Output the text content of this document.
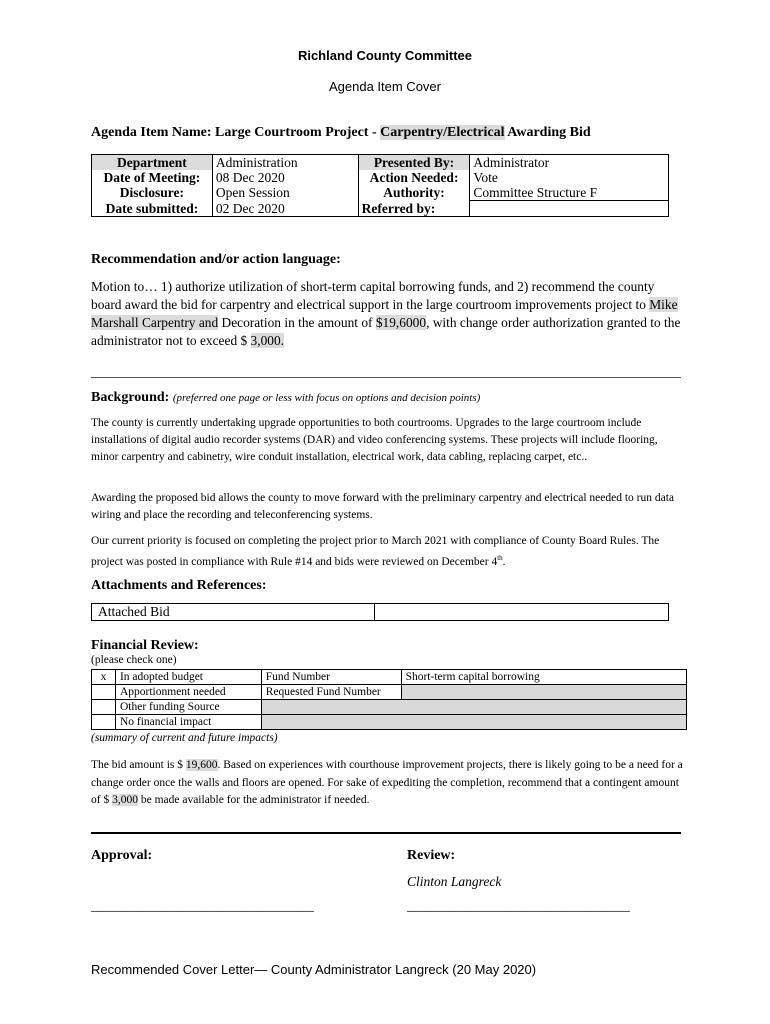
Richland County Committee
Agenda Item Cover
Agenda Item Name: Large Courtroom Project - Carpentry/Electrical Awarding Bid
Department	Administration	Presented By:	Administrator
Date of Meeting:	08 Dec 2020	Action Needed:	Vote
Disclosure:	Open Session	Authority:	Committee Structure F
Date submitted:	02 Dec 2020	Referred by:	
Recommendation and/or action language:
Motion to… 1) authorize utilization of short-term capital borrowing funds, and 2) recommend the county board award the bid for carpentry and electrical support in the large courtroom improvements project to Mike Marshall Carpentry and Decoration in the amount of $19,6000, with change order authorization granted to the administrator not to exceed $ 3,000.
Background: (preferred one page or less with focus on options and decision points)
The county is currently undertaking upgrade opportunities to both courtrooms. Upgrades to the large courtroom include installations of digital audio recorder systems (DAR) and video conferencing systems. These projects will include flooring, minor carpentry and cabinetry, wire conduit installation, electrical work, data cabling, replacing carpet, etc..
Awarding the proposed bid allows the county to move forward with the preliminary carpentry and electrical needed to run data wiring and place the recording and teleconferencing systems.
Our current priority is focused on completing the project prior to March 2021 with compliance of County Board Rules. The project was posted in compliance with Rule #14 and bids were reviewed on December 4th.
Attachments and References:
Attached Bid	
Financial Review:
(please check one)
x	In adopted budget	Fund Number	Short-term capital borrowing
	Apportionment needed	Requested Fund Number	
	Other funding Source		
	No financial impact		
(summary of current and future impacts)
The bid amount is $ 19,600. Based on experiences with courthouse improvement projects, there is likely going to be a need for a change order once the walls and floors are opened. For sake of expediting the completion, recommend that a contingent amount of $ 3,000 be made available for the administrator if needed.
Approval:	Review:
Clinton Langreck
_________________________________	_________________________________
Recommended Cover Letter— County Administrator Langreck (20 May 2020)
